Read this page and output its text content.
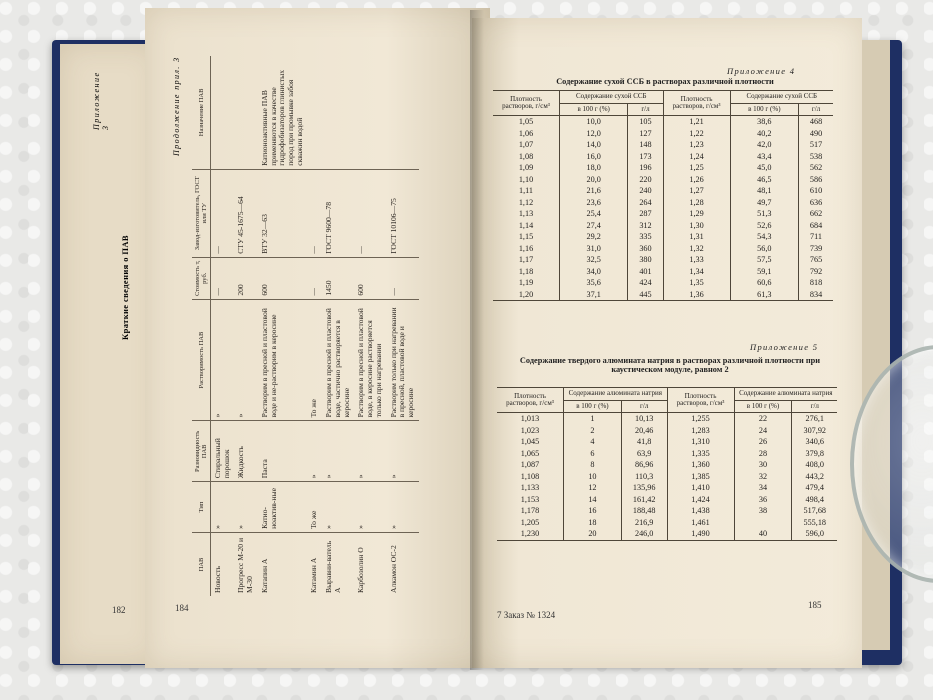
Краткие сведения о ПАВ
Приложение 3
182	184
Продолжение прил. 3
ПАВ	Тип	Разновидность ПАВ	Растворимость ПАВ	Стоимость т, руб.	Завод-изготовитель, ГОСТ или ТУ	Назначение ПАВ
Новость	»	Стиральный порошок	»	—	—	
Прогресс М-20 и М-30	»	Жидкость	»	200	СТУ 45-1675—64	
Катапин А	Катио-ноактив-ные	Паста	Растворим в пресной и пластовой воде и не-растворим в керосине	600	ВТУ 32—63	Катионоактивные ПАВ применяются в качестве гидрофобизаторов глинистых пород при промывке забоя скважин водой
Катамин А	То же	»	То же	—	—	
Выравни-ватель А	»	»	Растворим в пресной и пластовой воде, частично растворяется в керосине	1450	ГОСТ 9600—78	
Карбозолин О	»	»	Растворим в пресной и пластовой воде, в керосине растворяется только при нагревании	600	—	
Алкамон ОС-2	»	»	Растворим только при нагревании в пресной, пластовой воде и керосине	—	ГОСТ 10106—75	
Приложение 4
Содержание сухой ССБ в растворах различной плотности
Плотность растворов, г/см³	Содержание сухой ССБ		Плотность растворов, г/см³	Содержание сухой ССБ	
	в 100 г (%)	г/л		в 100 г (%)	г/л
1,05	10,0	105	1,21	38,6	468
1,06	12,0	127	1,22	40,2	490
1,07	14,0	148	1,23	42,0	517
1,08	16,0	173	1,24	43,4	538
1,09	18,0	196	1,25	45,0	562
1,10	20,0	220	1,26	46,5	586
1,11	21,6	240	1,27	48,1	610
1,12	23,6	264	1,28	49,7	636
1,13	25,4	287	1,29	51,3	662
1,14	27,4	312	1,30	52,6	684
1,15	29,2	335	1,31	54,3	711
1,16	31,0	360	1,32	56,0	739
1,17	32,5	380	1,33	57,5	765
1,18	34,0	401	1,34	59,1	792
1,19	35,6	424	1,35	60,6	818
1,20	37,1	445	1,36	61,3	834
Приложение 5
Содержание твердого алюмината натрия в растворах различной плотности при каустическом модуле, равном 2
Плотность растворов, г/см³	Содержание алюмината натрия		Плотность растворов, г/см³	Содержание алюмината натрия	
	в 100 г (%)	г/л		в 100 г (%)	г/л
1,013	1	10,13	1,255	22	276,1
1,023	2	20,46	1,283	24	307,92
1,045	4	41,8	1,310	26	340,6
1,065	6	63,9	1,335	28	379,8
1,087	8	86,96	1,360	30	408,0
1,108	10	110,3	1,385	32	443,2
1,133	12	135,96	1,410	34	479,4
1,153	14	161,42	1,424	36	498,4
1,178	16	188,48	1,438	38	517,68
1,205	18	216,9	1,461		555,18
1,230	20	246,0	1,490	40	596,0
7 Заказ № 1324
185
